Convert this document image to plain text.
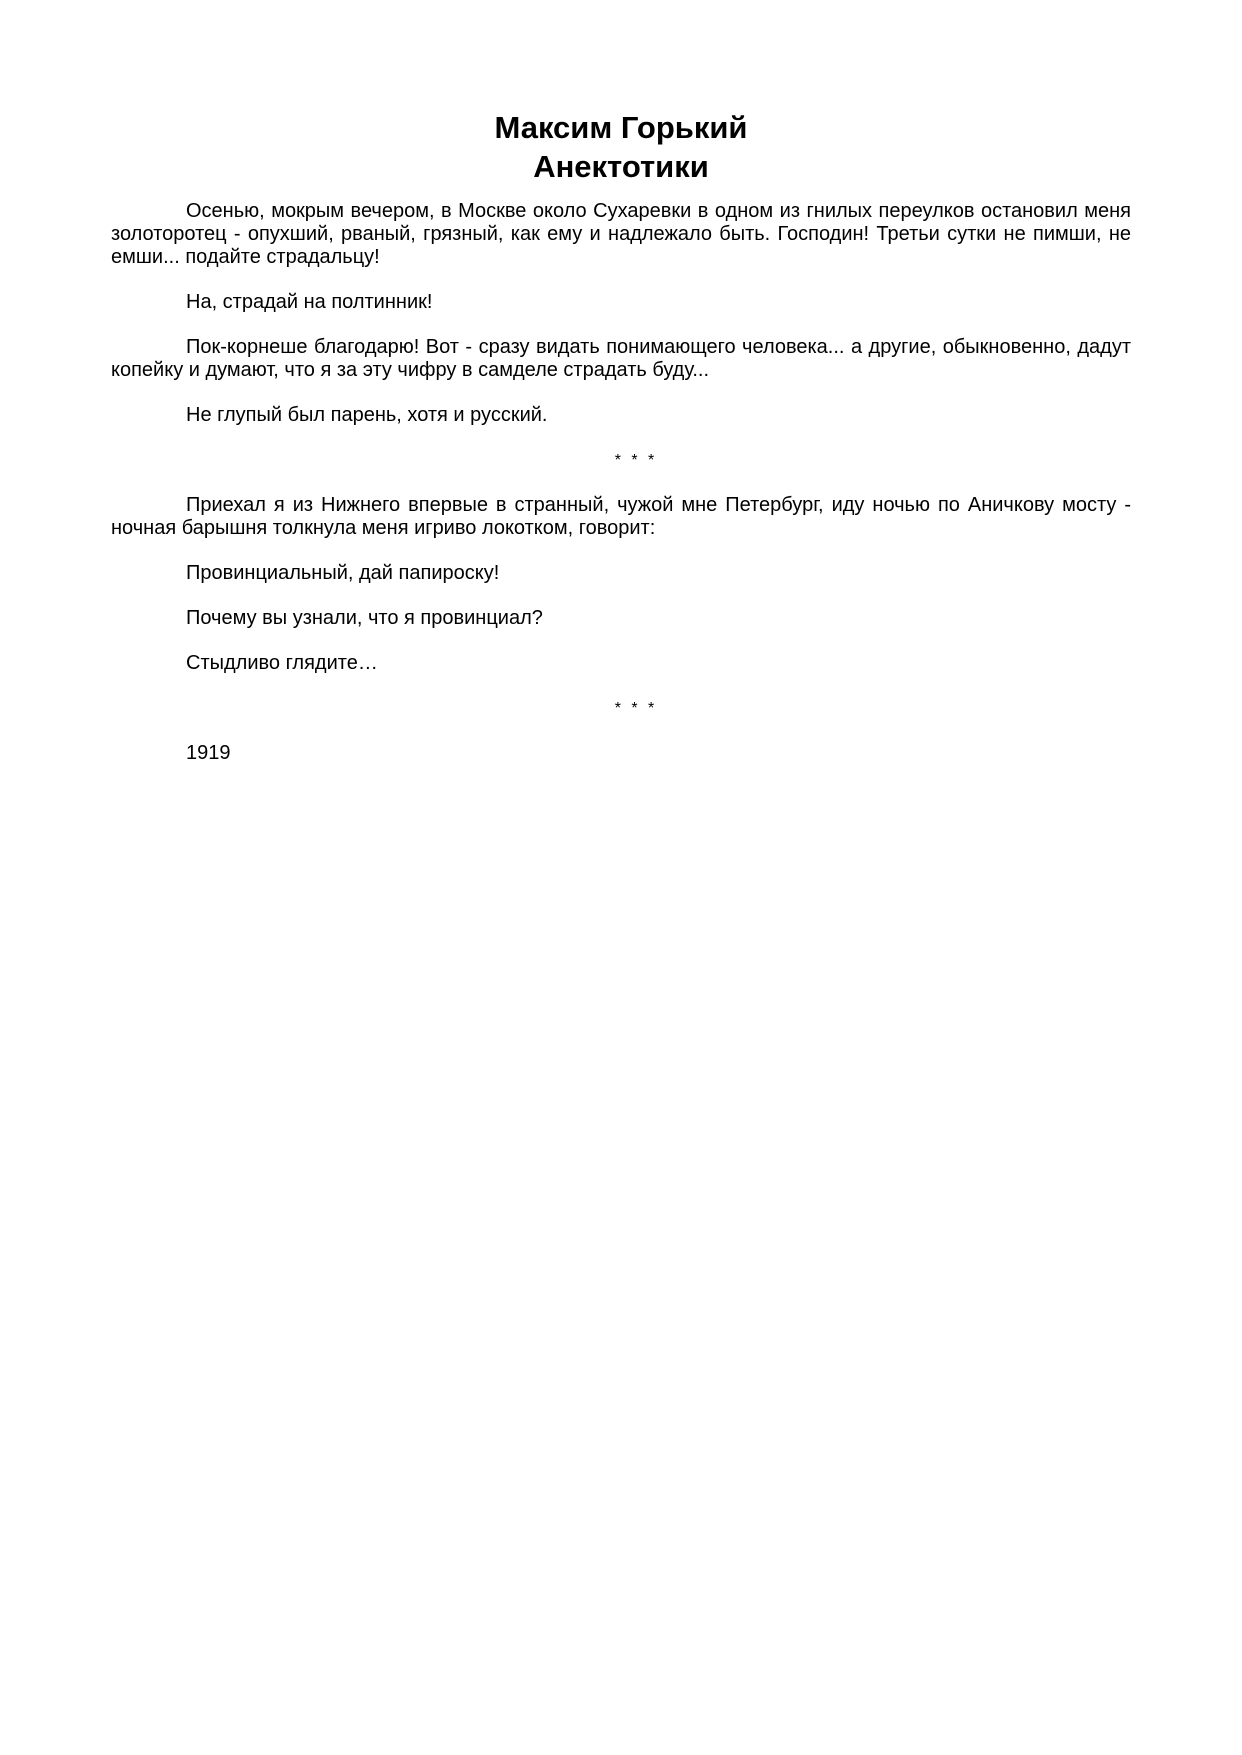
Максим Горький
Анектотики

Осенью, мокрым вечером, в Москве около Сухаревки в одном из гнилых переулков остановил меня золоторотец - опухший, рваный, грязный, как ему и надлежало быть. Господин! Третьи сутки не пимши, не емши... подайте страдальцу!

На, страдай на полтинник!

Пок-корнеше благодарю! Вот - сразу видать понимающего человека... а другие, обыкновенно, дадут копейку и думают, что я за эту чифру в самделе страдать буду...

Не глупый был парень, хотя и русский.

* * *

Приехал я из Нижнего впервые в странный, чужой мне Петербург, иду ночью по Аничкову мосту - ночная барышня толкнула меня игриво локотком, говорит:

Провинциальный, дай папироску!

Почему вы узнали, что я провинциал?

Стыдливо глядите…

* * *

1919
